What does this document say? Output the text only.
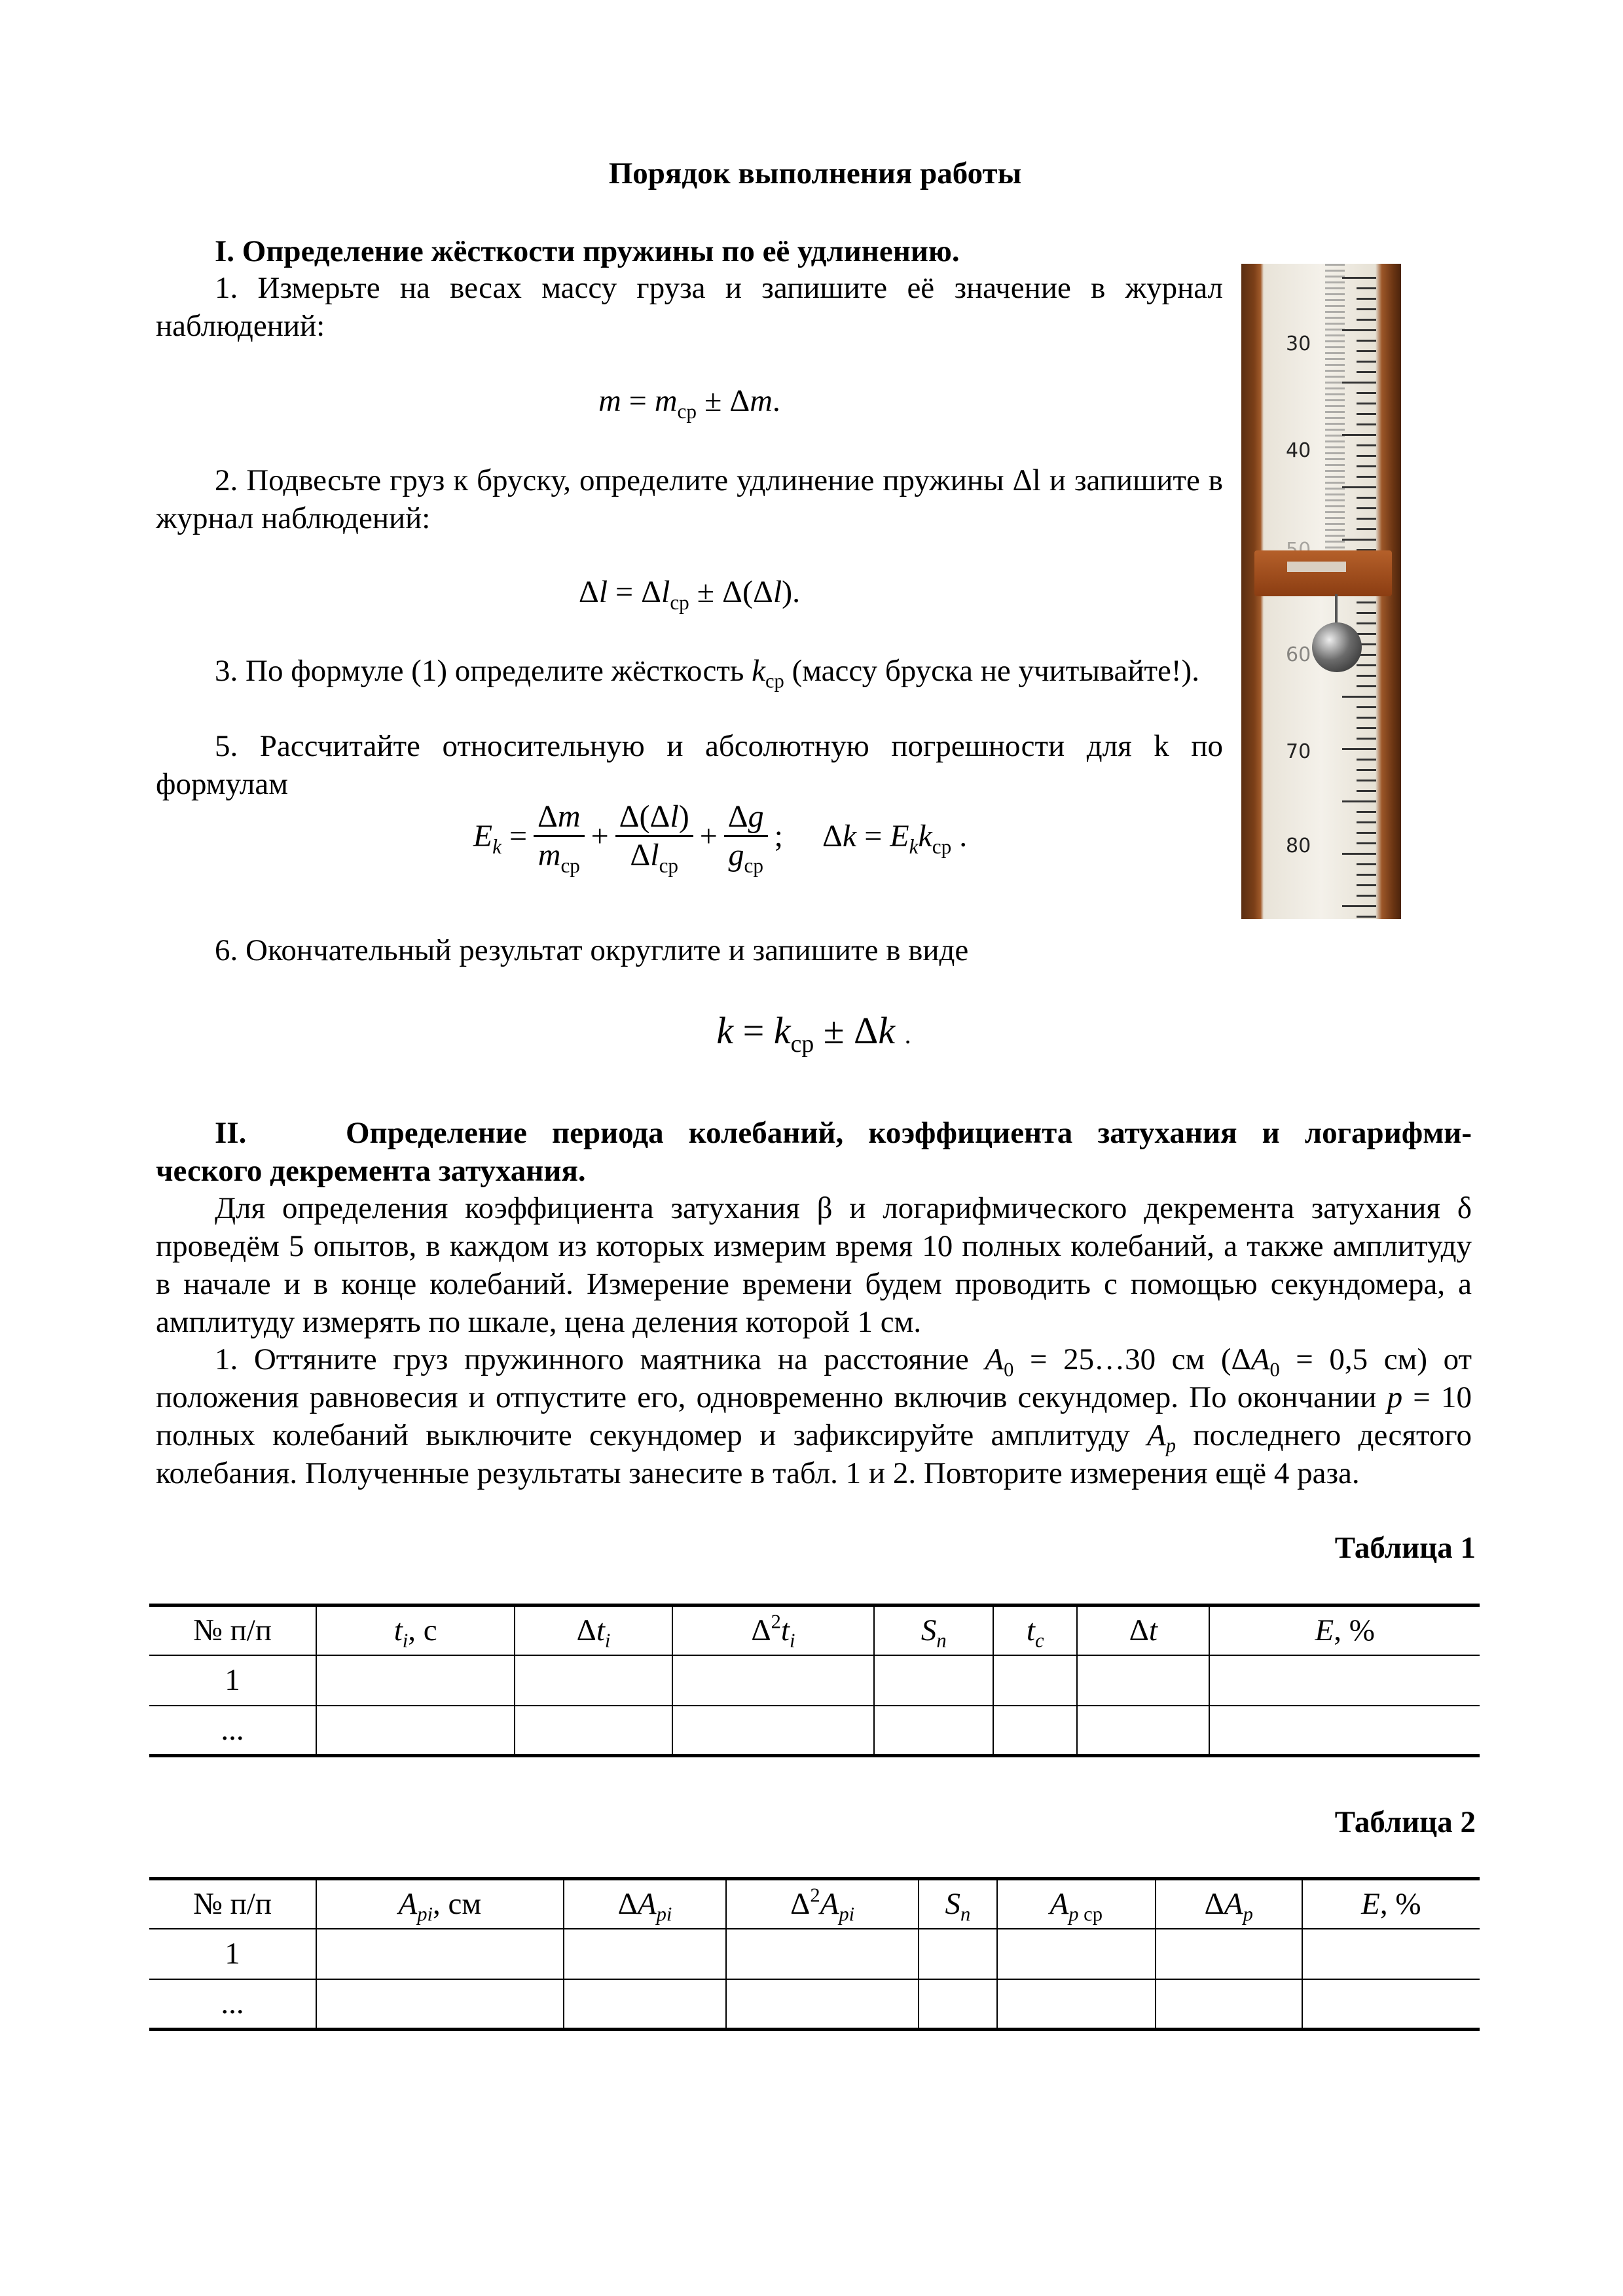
Порядок выполнения работы
I. Определение жёсткости пружины по её удлинению.
1. Измерьте на весах массу груза и запишите её значение в журнал наблюдений:
$m = m_{ср} \pm \Delta m$.
2. Подвесьте груз к бруску, определите удлинение пружины Δl и запишите в журнал наблюдений:
$\Delta l = \Delta l_{ср} \pm \Delta(\Delta l)$.
3. По формуле (1) определите жёсткость $k_{ср}$ (массу бруска не учитывайте!).
5. Рассчитайте относительную и абсолютную погрешности для k по формулам
$E_k = \frac{\Delta m}{m_{ср}} + \frac{\Delta(\Delta l)}{\Delta l_{ср}} + \frac{\Delta g}{g_{ср}}$ ;     $\Delta k = E_kk_{ср}$ .
6. Окончательный результат округлите и запишите в виде
$k = k_{ср} \pm \Delta k$ .
30
40
60
70
80
II.	Определение периода колебаний, коэффициента затухания и логарифми-
ческого декремента затухания.
Для определения коэффициента затухания β и логарифмического декремента затухания δ проведём 5 опытов, в каждом из которых измерим время 10 полных колебаний, а также амплитуду в начале и в конце колебаний. Измерение времени будем проводить с помощью секундомера, а амплитуду измерять по шкале, цена деления которой 1 см.
1. Оттяните груз пружинного маятника на расстояние $A_0$ = 25…30 см ($\Delta A_0 = 0,5$ см) от положения равновесия и отпустите его, одновременно включив секундомер. По окончании p = 10 полных колебаний выключите секундомер и зафиксируйте амплитуду $A_p$ последнего десятого колебания. Полученные результаты занесите в табл. 1 и 2. Повторите измерения ещё 4 раза.
Таблица 1
№ п/п	$t_i$, с	$\Delta t_i$	$\Delta^2t_i$	$S_n$	$t_c$	Δt	E, %
1							
...							
Таблица 2
№ п/п	$A_{pi}$, см	$\Delta A_{pi}$	$\Delta^2A_{pi}$	$S_n$	$A_p$ $_{ср}$	$\Delta A_p$	E, %
1							
...							
